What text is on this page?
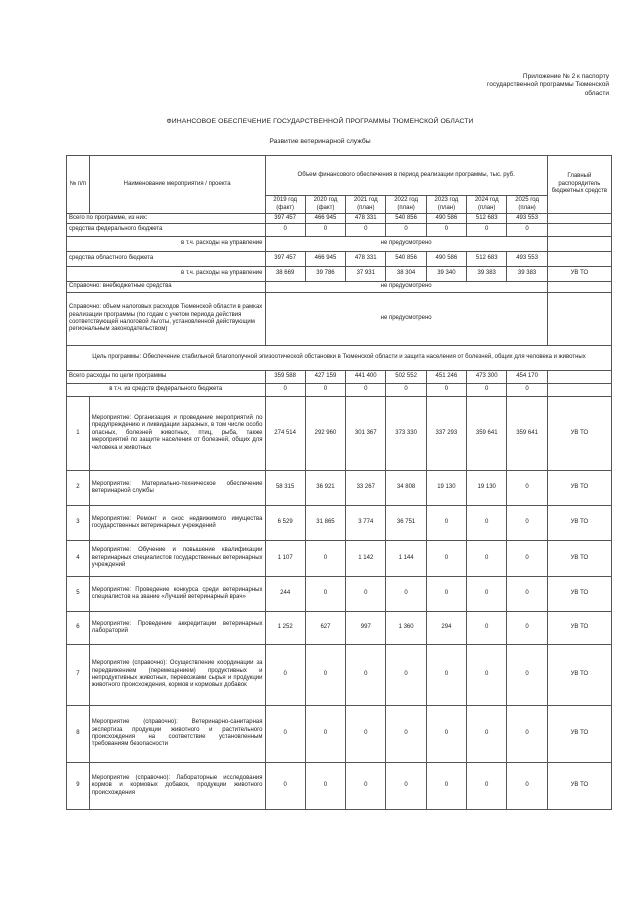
Приложение № 2 к паспорту
государственной программы Тюменской
области
ФИНАНСОВОЕ ОБЕСПЕЧЕНИЕ ГОСУДАРСТВЕННОЙ ПРОГРАММЫ ТЮМЕНСКОЙ ОБЛАСТИ
Развитие ветеринарной службы
№ п/п	Наименование мероприятия / проекта	Объем финансового обеспечения в период реализации программы, тыс. руб.							Главный распорядитель бюджетных средств
		2019 год (факт)	2020 год (факт)	2021 год (план)	2022 год (план)	2023 год (план)	2024 год (план)	2025 год (план)	
Всего по программе, из них:		397 457	466 945	478 331	540 856	490 586	512 683	493 553	
средства федерального бюджета		0	0	0	0	0	0	0	
в т.ч. расходы на управление		не предусмотрено							
средства областного бюджета		397 457	466 945	478 331	540 856	490 586	512 683	493 553	
в т.ч. расходы на управление		38 669	39 786	37 931	38 304	39 340	39 383	39 383	УВ ТО
Справочно: внебюджетные средства		не предусмотрено							
Справочно: объем налоговых расходов Тюменской области в рамках реализации программы (по годам с учетом периода действия соответствующей налоговой льготы, установленной действующим региональным законодательством)		не предусмотрено							
Цель программы: Обеспечение стабильной благополучной эпизоотической обстановки в Тюменской области и защита населения от болезней, общих для человека и животных									
Всего расходы по цели программы		359 588	427 159	441 400	502 552	451 246	473 300	454 170	
в т.ч. из средств федерального бюджета		0	0	0	0	0	0	0	
1	Мероприятие: Организация и проведение мероприятий по предупреждению и ликвидации заразных, в том числе особо опасных, болезней животных, птиц, рыба, также мероприятий по защите населения от болезней, общих для человека и животных	274 514	292 960	301 367	373 330	337 293	359 641	359 641	УВ ТО
2	Мероприятие: Материально-техническое обеспечение ветеринарной службы	58 315	36 921	33 267	34 808	19 130	19 130	0	УВ ТО
3	Мероприятие: Ремонт и снос недвижимого имущества государственных ветеринарных учреждений	6 529	31 865	3 774	36 751	0	0	0	УВ ТО
4	Мероприятие: Обучение и повышение квалификации ветеринарных специалистов государственных ветеринарных учреждений	1 107	0	1 142	1 144	0	0	0	УВ ТО
5	Мероприятие: Проведение конкурса среди ветеринарных специалистов на звание «Лучший ветеринарный врач»	244	0	0	0	0	0	0	УВ ТО
6	Мероприятие: Проведение аккредитации ветеринарных лабораторий	1 252	627	997	1 360	294	0	0	УВ ТО
7	Мероприятие (справочно): Осуществление координации за передвижением (перемещением) продуктивных и непродуктивных животных, перевозками сырья и продукции животного происхождения, кормов и кормовых добавок	0	0	0	0	0	0	0	УВ ТО
8	Мероприятие (справочно): Ветеринарно-санитарная экспертиза продукции животного и растительного происхождения на соответствие установленным требованиям безопасности	0	0	0	0	0	0	0	УВ ТО
9	Мероприятие (справочно): Лабораторные исследования кормов и кормовых добавок, продукции животного происхождения	0	0	0	0	0	0	0	УВ ТО
